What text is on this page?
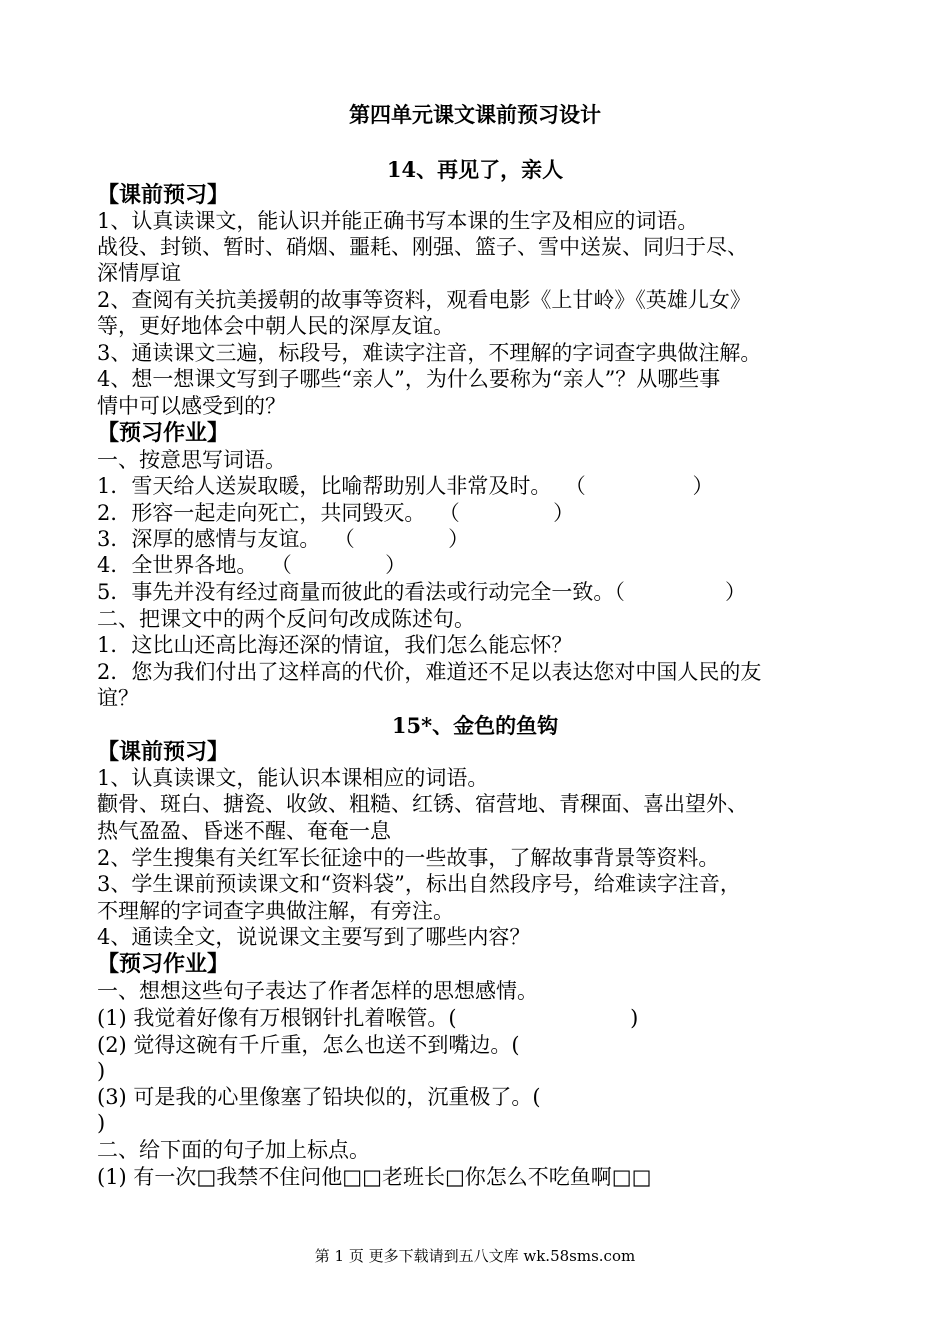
第四单元课文课前预习设计
14、再见了，亲人
【课前预习】
1、认真读课文，能认识并能正确书写本课的生字及相应的词语。
战役、封锁、暂时、硝烟、噩耗、刚强、篮子、雪中送炭、同归于尽、
深情厚谊
2、查阅有关抗美援朝的故事等资料，观看电影《上甘岭》《英雄儿女》
等，更好地体会中朝人民的深厚友谊。
3、通读课文三遍，标段号，难读字注音，不理解的字词查字典做注解。
4、想一想课文写到子哪些“亲人”，为什么要称为“亲人”？从哪些事
情中可以感受到的？
【预习作业】
一、按意思写词语。
1．雪天给人送炭取暖，比喻帮助别人非常及时。  （                ）
2．形容一起走向死亡，共同毁灭。  （              ）
3．深厚的感情与友谊。  （              ）
4．全世界各地。  （              ）
5．事先并没有经过商量而彼此的看法或行动完全一致。（               ）
二、把课文中的两个反问句改成陈述句。
1．这比山还高比海还深的情谊，我们怎么能忘怀？
2．您为我们付出了这样高的代价，难道还不足以表达您对中国人民的友
谊？
15*、金色的鱼钩
【课前预习】
1、认真读课文，能认识本课相应的词语。
颧骨、斑白、搪瓷、收敛、粗糙、红锈、宿营地、青稞面、喜出望外、
热气盈盈、昏迷不醒、奄奄一息
2、学生搜集有关红军长征途中的一些故事，了解故事背景等资料。
3、学生课前预读课文和“资料袋”，标出自然段序号，给难读字注音，
不理解的字词查字典做注解，有旁注。
4、通读全文，说说课文主要写到了哪些内容？
【预习作业】
一、想想这些句子表达了作者怎样的思想感情。
(1) 我觉着好像有万根钢针扎着喉管。(                          )
(2) 觉得这碗有千斤重，怎么也送不到嘴边。(
)
(3) 可是我的心里像塞了铅块似的，沉重极了。(
)
二、给下面的句子加上标点。
(1) 有一次□我禁不住问他□□老班长□你怎么不吃鱼啊□□
第 1 页 更多下载请到五八文库 wk.58sms.com
